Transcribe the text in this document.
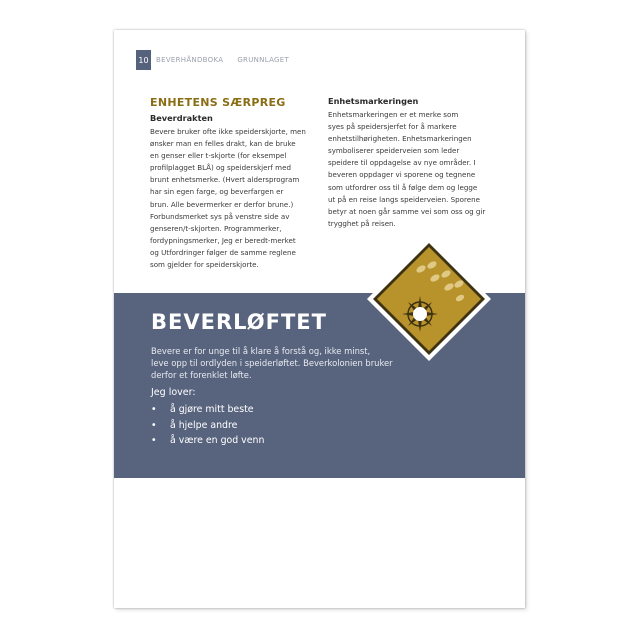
10	BEVERHÅNDBOKA GRUNNLAGET
ENHETENS SÆRPREG
Beverdrakten

Bevere bruker ofte ikke speiderskjorte, men
ønsker man en felles drakt, kan de bruke
en genser eller t-skjorte (for eksempel
profilplagget BLÅ) og speiderskjerf med
brunt enhetsmerke. (Hvert aldersprogram
har sin egen farge, og beverfargen er
brun. Alle bevermerker er derfor brune.)
Forbundsmerket sys på venstre side av
genseren/t-skjorten. Programmerker,
fordypningsmerker, Jeg er beredt-merket
og Utfordringer følger de samme reglene
som gjelder for speiderskjorte.

Enhetsmarkeringen

Enhetsmarkeringen er et merke som
syes på speidersjerfet for å markere
enhetstilhørigheten. Enhetsmarkeringen
symboliserer speiderveien som leder
speidere til oppdagelse av nye områder. I
beveren oppdager vi sporene og tegnene
som utfordrer oss til å følge dem og legge
ut på en reise langs speiderveien. Sporene
betyr at noen går samme vei som oss og gir
trygghet på reisen.

BEVERLØFTET

Bevere er for unge til å klare å forstå og, ikke minst,
leve opp til ordlyden i speiderløftet. Beverkolonien bruker
derfor et forenklet løfte.

Jeg lover:

•	å gjøre mitt beste
•	å hjelpe andre
•	å være en god venn
